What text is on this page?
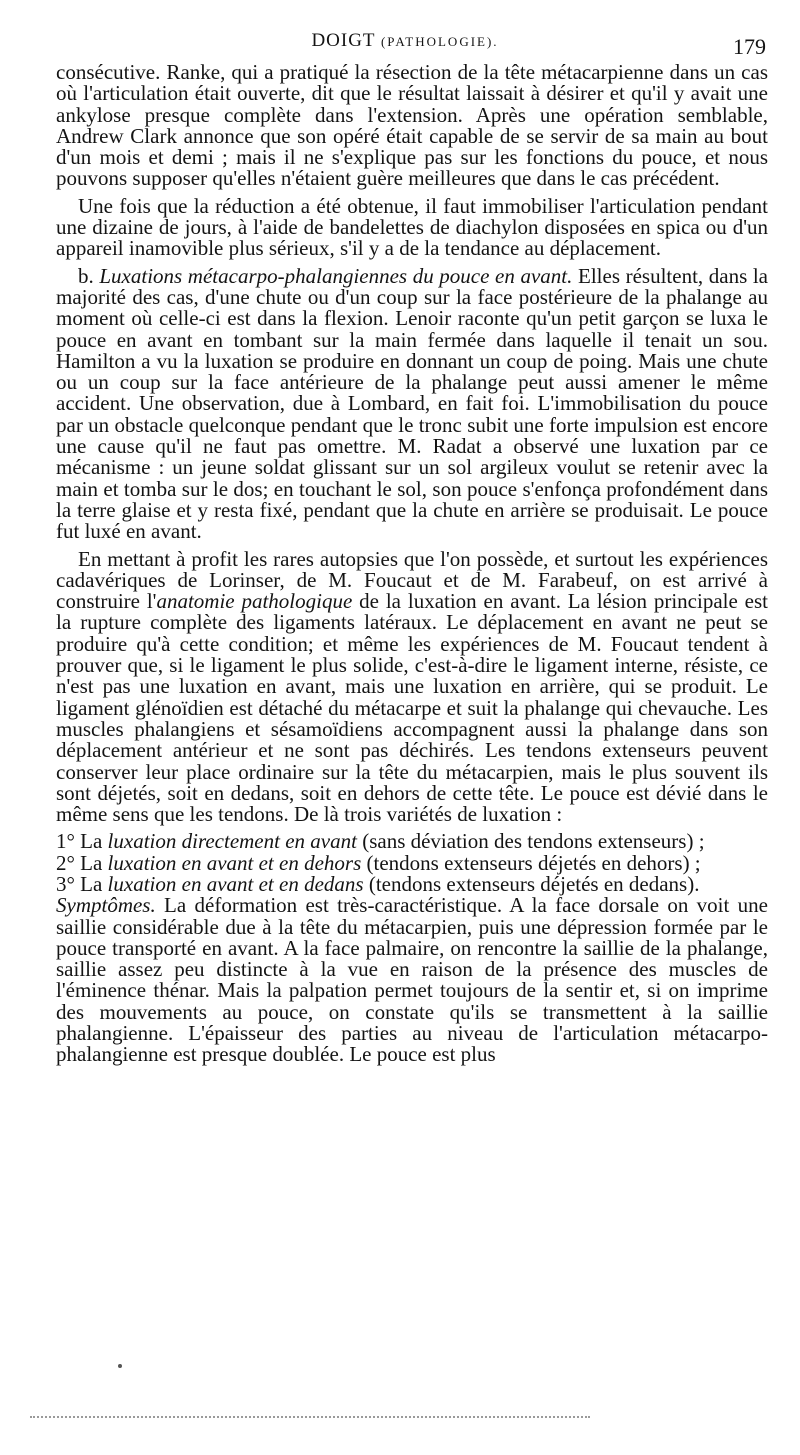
DOIGT (PATHOLOGIE).	179

consécutive. Ranke, qui a pratiqué la résection de la tête métacarpienne dans un cas où l'articulation était ouverte, dit que le résultat laissait à désirer et qu'il y avait une ankylose presque complète dans l'extension. Après une opération semblable, Andrew Clark annonce que son opéré était capable de se servir de sa main au bout d'un mois et demi ; mais il ne s'explique pas sur les fonctions du pouce, et nous pouvons supposer qu'elles n'étaient guère meilleures que dans le cas précédent.

Une fois que la réduction a été obtenue, il faut immobiliser l'articulation pendant une dizaine de jours, à l'aide de bandelettes de diachylon disposées en spica ou d'un appareil inamovible plus sérieux, s'il y a de la tendance au déplacement.

b. Luxations métacarpo-phalangiennes du pouce en avant. Elles résultent, dans la majorité des cas, d'une chute ou d'un coup sur la face postérieure de la phalange au moment où celle-ci est dans la flexion. Lenoir raconte qu'un petit garçon se luxa le pouce en avant en tombant sur la main fermée dans laquelle il tenait un sou. Hamilton a vu la luxation se produire en donnant un coup de poing. Mais une chute ou un coup sur la face antérieure de la phalange peut aussi amener le même accident. Une observation, due à Lombard, en fait foi. L'immobilisation du pouce par un obstacle quelconque pendant que le tronc subit une forte impulsion est encore une cause qu'il ne faut pas omettre. M. Radat a observé une luxation par ce mécanisme : un jeune soldat glissant sur un sol argileux voulut se retenir avec la main et tomba sur le dos; en touchant le sol, son pouce s'enfonça profondément dans la terre glaise et y resta fixé, pendant que la chute en arrière se produisait. Le pouce fut luxé en avant.

En mettant à profit les rares autopsies que l'on possède, et surtout les expériences cadavériques de Lorinser, de M. Foucaut et de M. Farabeuf, on est arrivé à construire l'anatomie pathologique de la luxation en avant. La lésion principale est la rupture complète des ligaments latéraux. Le déplacement en avant ne peut se produire qu'à cette condition; et même les expériences de M. Foucaut tendent à prouver que, si le ligament le plus solide, c'est-à-dire le ligament interne, résiste, ce n'est pas une luxation en avant, mais une luxation en arrière, qui se produit. Le ligament glénoïdien est détaché du métacarpe et suit la phalange qui chevauche. Les muscles phalangiens et sésamoïdiens accompagnent aussi la phalange dans son déplacement antérieur et ne sont pas déchirés. Les tendons extenseurs peuvent conserver leur place ordinaire sur la tête du métacarpien, mais le plus souvent ils sont déjetés, soit en dedans, soit en dehors de cette tête. Le pouce est dévié dans le même sens que les tendons. De là trois variétés de luxation :

1° La luxation directement en avant (sans déviation des tendons extenseurs) ;

2° La luxation en avant et en dehors (tendons extenseurs déjetés en dehors) ;

3° La luxation en avant et en dedans (tendons extenseurs déjetés en dedans).

Symptômes. La déformation est très-caractéristique. A la face dorsale on voit une saillie considérable due à la tête du métacarpien, puis une dépression formée par le pouce transporté en avant. A la face palmaire, on rencontre la saillie de la phalange, saillie assez peu distincte à la vue en raison de la présence des muscles de l'éminence thénar. Mais la palpation permet toujours de la sentir et, si on imprime des mouvements au pouce, on constate qu'ils se transmettent à la saillie phalangienne. L'épaisseur des parties au niveau de l'articulation métacarpo-phalangienne est presque doublée. Le pouce est plus
